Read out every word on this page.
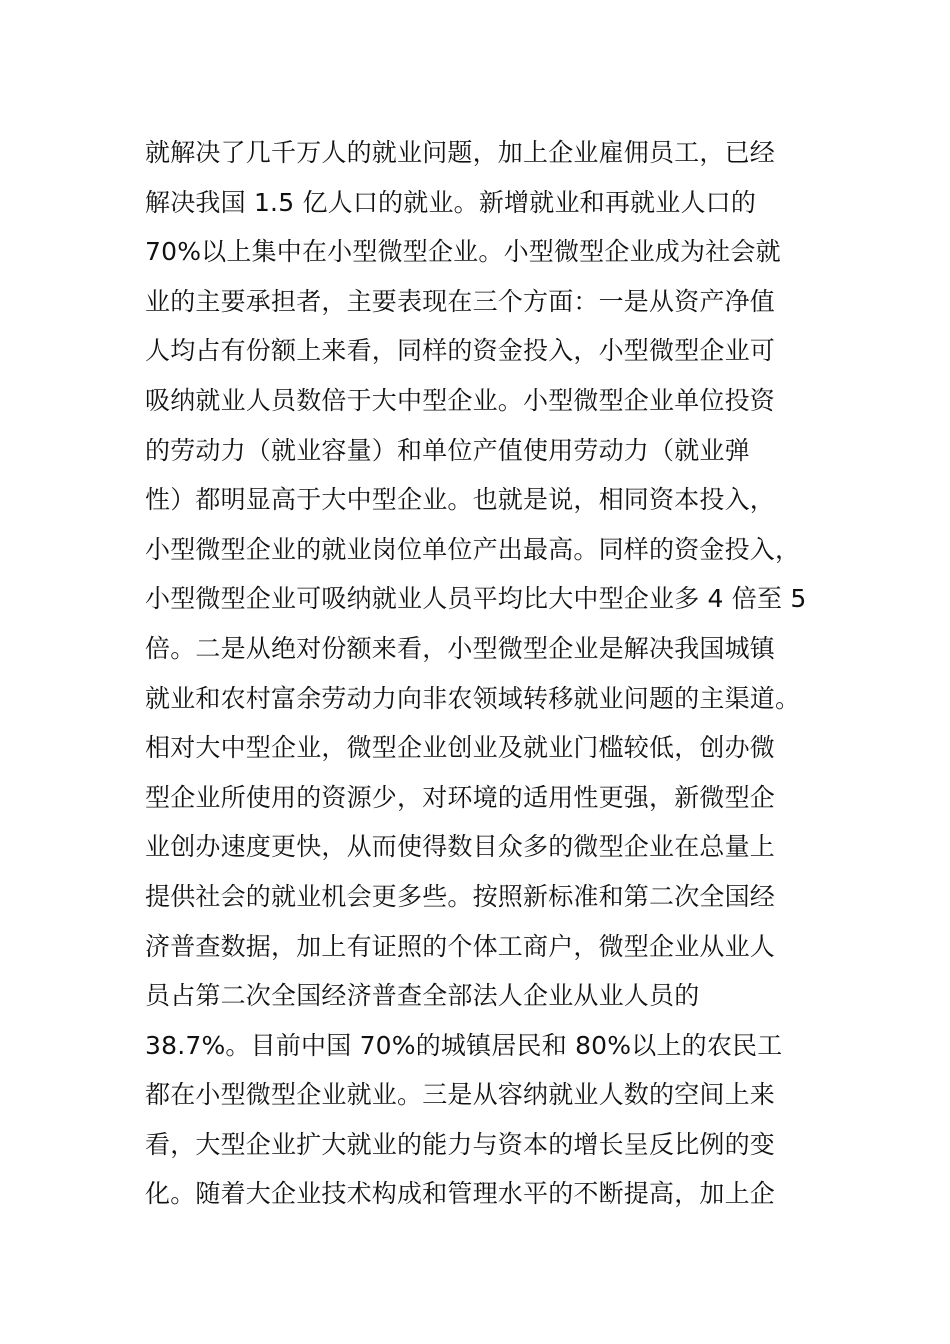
就解决了几千万人的就业问题，加上企业雇佣员工，已经
解决我国 1.5 亿人口的就业。新增就业和再就业人口的
70%以上集中在小型微型企业。小型微型企业成为社会就
业的主要承担者，主要表现在三个方面：一是从资产净值
人均占有份额上来看，同样的资金投入，小型微型企业可
吸纳就业人员数倍于大中型企业。小型微型企业单位投资
的劳动力（就业容量）和单位产值使用劳动力（就业弹
性）都明显高于大中型企业。也就是说，相同资本投入，
小型微型企业的就业岗位单位产出最高。同样的资金投入，
小型微型企业可吸纳就业人员平均比大中型企业多 4 倍至 5
倍。二是从绝对份额来看，小型微型企业是解决我国城镇
就业和农村富余劳动力向非农领域转移就业问题的主渠道。
相对大中型企业，微型企业创业及就业门槛较低，创办微
型企业所使用的资源少，对环境的适用性更强，新微型企
业创办速度更快，从而使得数目众多的微型企业在总量上
提供社会的就业机会更多些。按照新标准和第二次全国经
济普查数据，加上有证照的个体工商户，微型企业从业人
员占第二次全国经济普查全部法人企业从业人员的
38.7%。目前中国 70%的城镇居民和 80%以上的农民工
都在小型微型企业就业。三是从容纳就业人数的空间上来
看，大型企业扩大就业的能力与资本的增长呈反比例的变
化。随着大企业技术构成和管理水平的不断提高，加上企
